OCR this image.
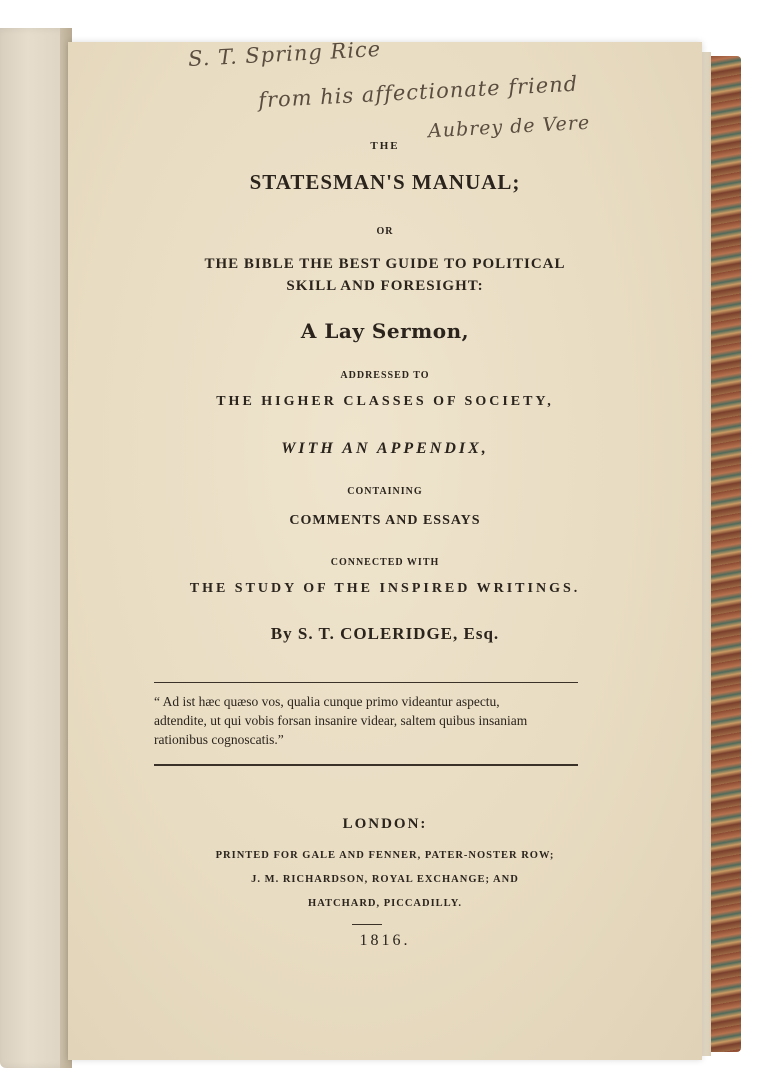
S. T. Spring Rice
from his affectionate friend
Aubrey de Vere
THE
STATESMAN'S MANUAL;
OR
THE BIBLE THE BEST GUIDE TO POLITICAL
SKILL AND FORESIGHT:
A Lay Sermon,
ADDRESSED TO
THE HIGHER CLASSES OF SOCIETY,
WITH AN APPENDIX,
CONTAINING
COMMENTS AND ESSAYS
CONNECTED WITH
THE STUDY OF THE INSPIRED WRITINGS.
By S. T. COLERIDGE, Esq.
“ Ad ist hæc quæso vos, qualia cunque primo videantur aspectu,
adtendite, ut qui vobis forsan insanire videar, saltem quibus insaniam
rationibus cognoscatis.”
LONDON:
PRINTED FOR GALE AND FENNER, PATER-NOSTER ROW;
J. M. RICHARDSON, ROYAL EXCHANGE; AND
HATCHARD, PICCADILLY.
1816.
